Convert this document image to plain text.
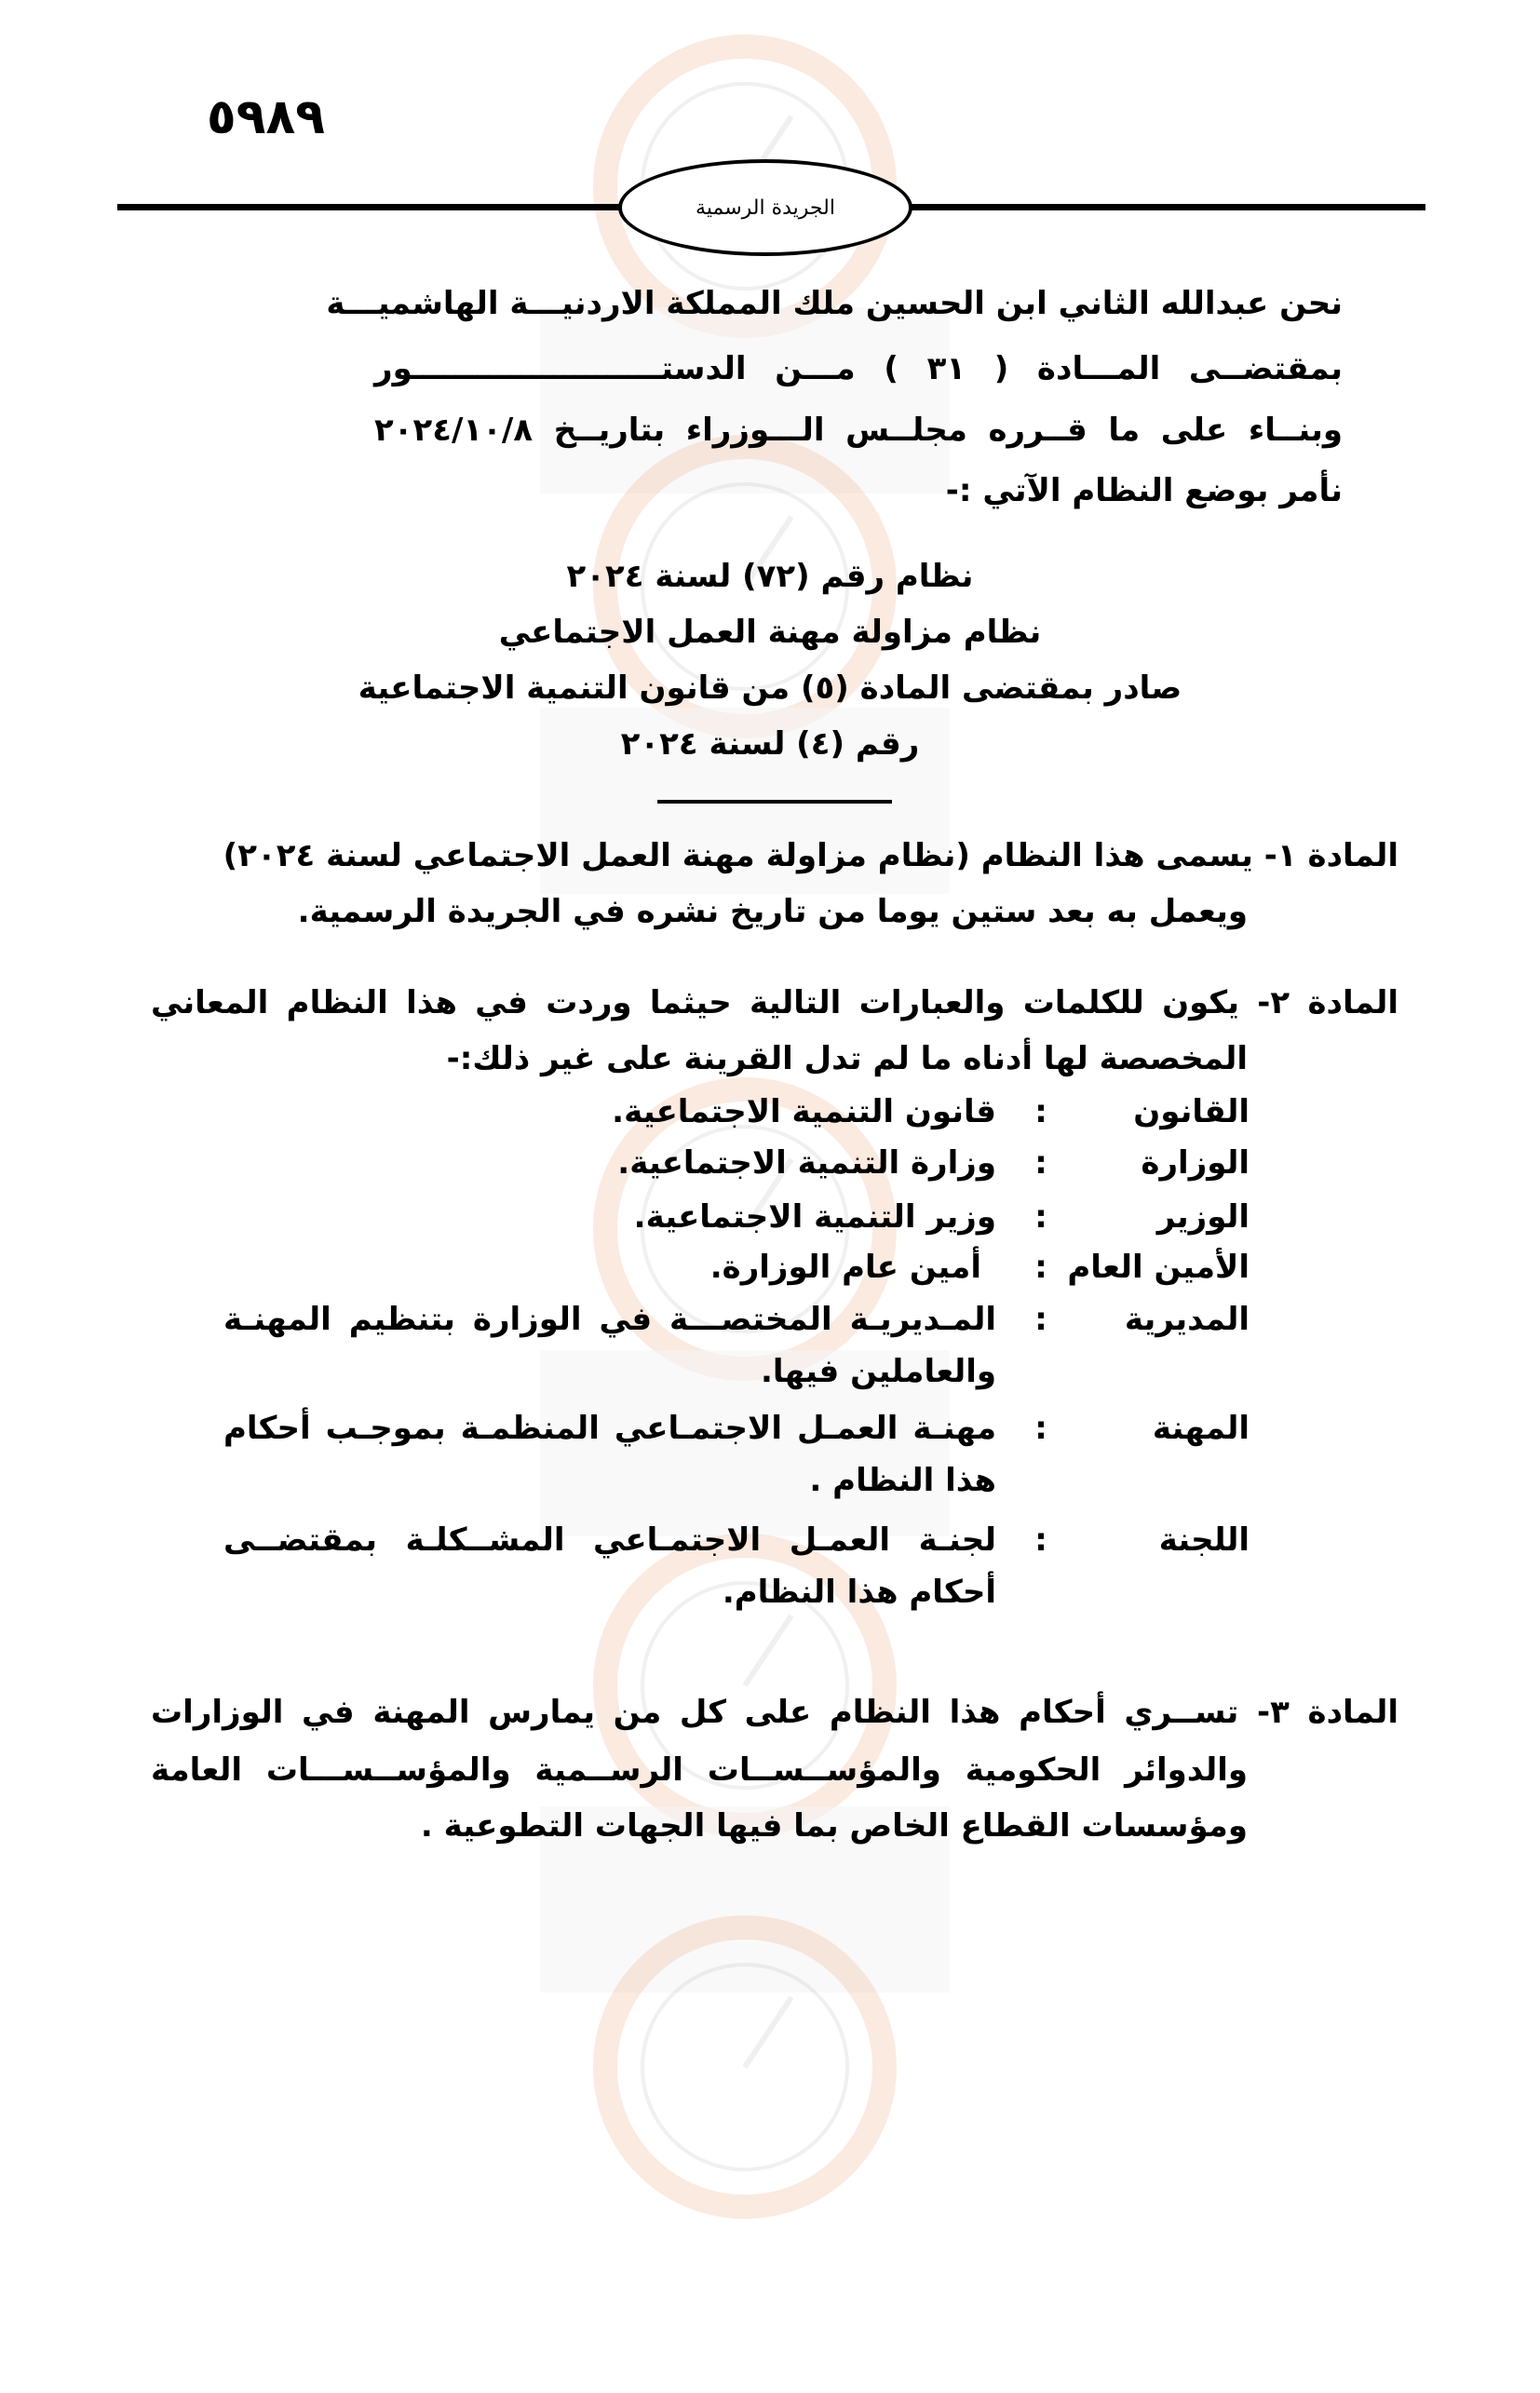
٥٩٨٩
الجريدة الرسمية
نحن عبدالله الثاني ابن الحسين ملك المملكة الاردنيـــة الهاشميـــة
بمقتضــى المـــادة ( ٣١ ) مـــن الدستـــــــــــــــــــــــور
وبنــاء على ما قــرره مجلــس الـــوزراء بتاريــخ ٢٠٢٤/١٠/٨
نأمر بوضع النظام الآتي :-
نظام رقم (٧٢) لسنة ٢٠٢٤
نظام مزاولة مهنة العمل الاجتماعي
صادر بمقتضى المادة (٥) من قانون التنمية الاجتماعية
رقم (٤) لسنة ٢٠٢٤
المادة ١- يسمى هذا النظام (نظام مزاولة مهنة العمل الاجتماعي لسنة ٢٠٢٤)
ويعمل به بعد ستين يوما من تاريخ نشره في الجريدة الرسمية.
المادة ٢- يكون للكلمات والعبارات التالية حيثما وردت في هذا النظام المعاني
المخصصة لها أدناه ما لم تدل القرينة على غير ذلك:-
القانون
:
قانون التنمية الاجتماعية.
الوزارة
:
وزارة التنمية الاجتماعية.
الوزير
:
وزير التنمية الاجتماعية.
الأمين العام
:
أمين عام الوزارة.
المديرية
:
المـديريـة المختصـــة في الوزارة بتنظيم المهنـة والعاملين فيها.
المهنة
:
مهنـة العمـل الاجتمـاعي المنظمـة بموجـب أحكام هذا النظام .
اللجنة
:
لجنـة العمـل الاجتمـاعي المشــكلـة بمقتضــى أحكام هذا النظام.
المادة ٣- تســري أحكام هذا النظام على كل من يمارس المهنة في الوزارات
والدوائر الحكومية والمؤســســات الرســمية والمؤســســـات العامة
ومؤسسات القطاع الخاص بما فيها الجهات التطوعية .
